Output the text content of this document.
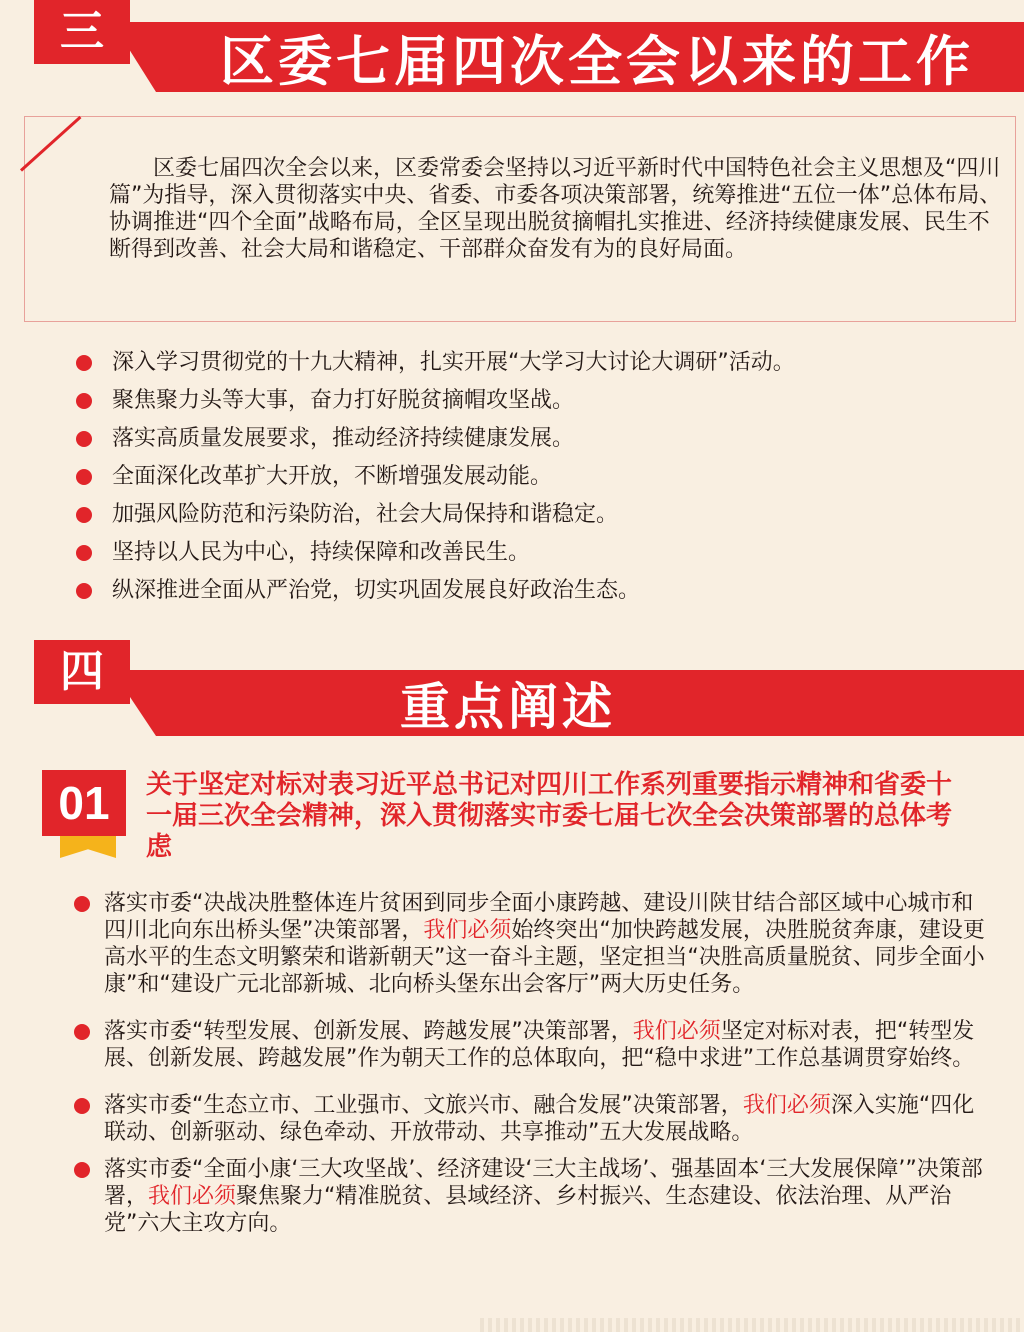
三	区委七届四次全会以来的工作

区委七届四次全会以来，区委常委会坚持以习近平新时代中国特色社会主义思想及“四川篇”为指导，深入贯彻落实中央、省委、市委各项决策部署，统筹推进“五位一体”总体布局、协调推进“四个全面”战略布局，全区呈现出脱贫摘帽扎实推进、经济持续健康发展、民生不断得到改善、社会大局和谐稳定、干部群众奋发有为的良好局面。

深入学习贯彻党的十九大精神，扎实开展“大学习大讨论大调研”活动。
聚焦聚力头等大事，奋力打好脱贫摘帽攻坚战。
落实高质量发展要求，推动经济持续健康发展。
全面深化改革扩大开放，不断增强发展动能。
加强风险防范和污染防治，社会大局保持和谐稳定。
坚持以人民为中心，持续保障和改善民生。
纵深推进全面从严治党，切实巩固发展良好政治生态。
四
重点阐述
01	关于坚定对标对表习近平总书记对四川工作系列重要指示精神和省委十一届三次全会精神，深入贯彻落实市委七届七次全会决策部署的总体考虑
落实市委“决战决胜整体连片贫困到同步全面小康跨越、建设川陕甘结合部区域中心城市和四川北向东出桥头堡”决策部署，我们必须始终突出“加快跨越发展，决胜脱贫奔康，建设更高水平的生态文明繁荣和谐新朝天”这一奋斗主题，坚定担当“决胜高质量脱贫、同步全面小康”和“建设广元北部新城、北向桥头堡东出会客厅”两大历史任务。
落实市委“转型发展、创新发展、跨越发展”决策部署，我们必须坚定对标对表，把“转型发展、创新发展、跨越发展”作为朝天工作的总体取向，把“稳中求进”工作总基调贯穿始终。
落实市委“生态立市、工业强市、文旅兴市、融合发展”决策部署，我们必须深入实施“四化联动、创新驱动、绿色牵动、开放带动、共享推动”五大发展战略。
落实市委“全面小康‘三大攻坚战’、经济建设‘三大主战场’、强基固本‘三大发展保障’”决策部署，我们必须聚焦聚力“精准脱贫、县域经济、乡村振兴、生态建设、依法治理、从严治党”六大主攻方向。
